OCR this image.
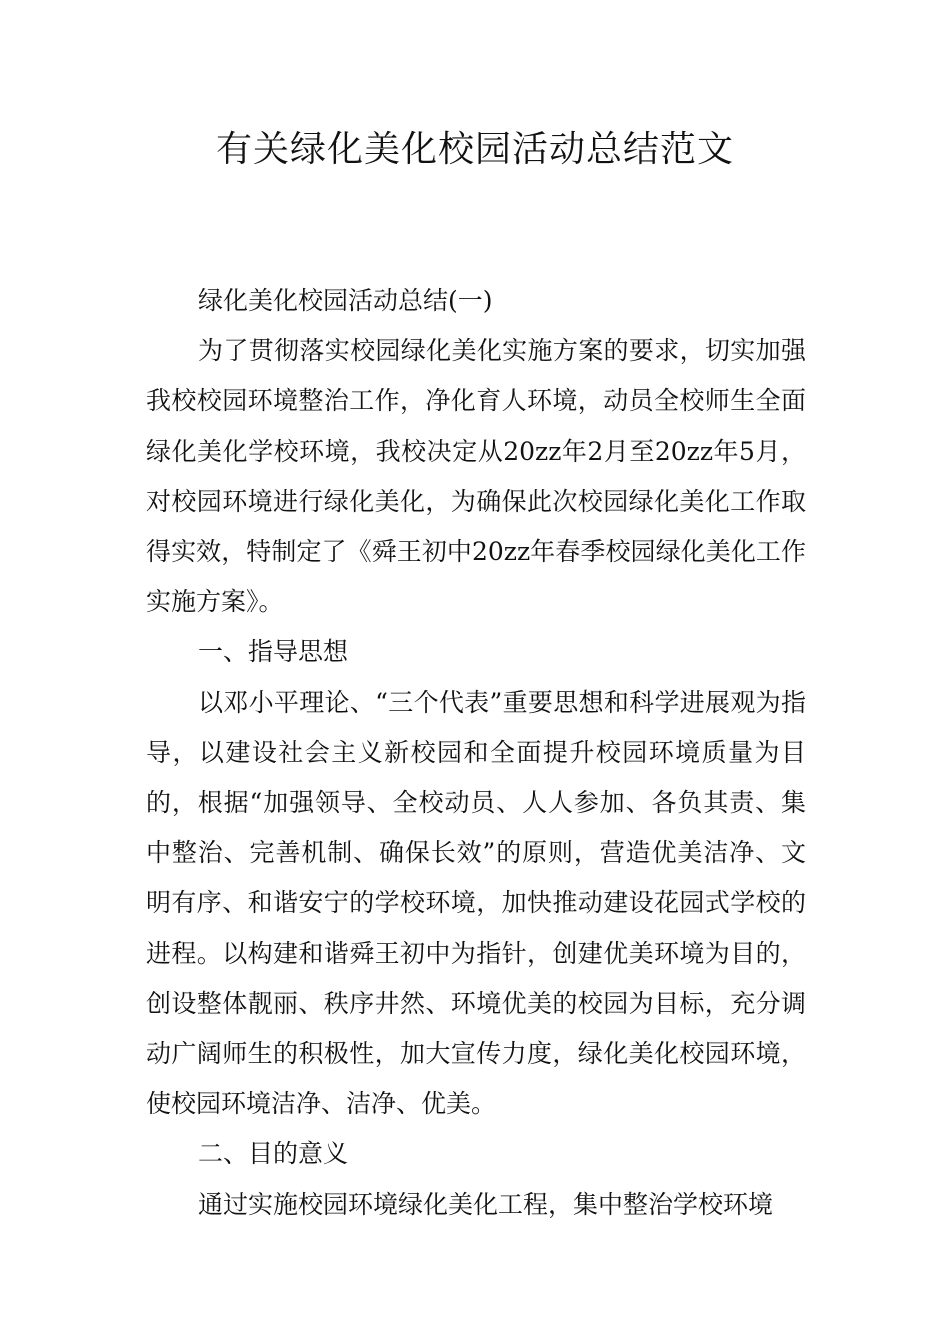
有关绿化美化校园活动总结范文

绿化美化校园活动总结(一)

为了贯彻落实校园绿化美化实施方案的要求，切实加强我校校园环境整治工作，净化育人环境，动员全校师生全面绿化美化学校环境，我校决定从20zz年2月至20zz年5月，对校园环境进行绿化美化，为确保此次校园绿化美化工作取得实效，特制定了《舜王初中20zz年春季校园绿化美化工作实施方案》。

一、指导思想

以邓小平理论、“三个代表”重要思想和科学进展观为指导，以建设社会主义新校园和全面提升校园环境质量为目的，根据“加强领导、全校动员、人人参加、各负其责、集中整治、完善机制、确保长效”的原则，营造优美洁净、文明有序、和谐安宁的学校环境，加快推动建设花园式学校的进程。以构建和谐舜王初中为指针，创建优美环境为目的，创设整体靓丽、秩序井然、环境优美的校园为目标，充分调动广阔师生的积极性，加大宣传力度，绿化美化校园环境，使校园环境洁净、洁净、优美。

二、目的意义

通过实施校园环境绿化美化工程，集中整治学校环境
